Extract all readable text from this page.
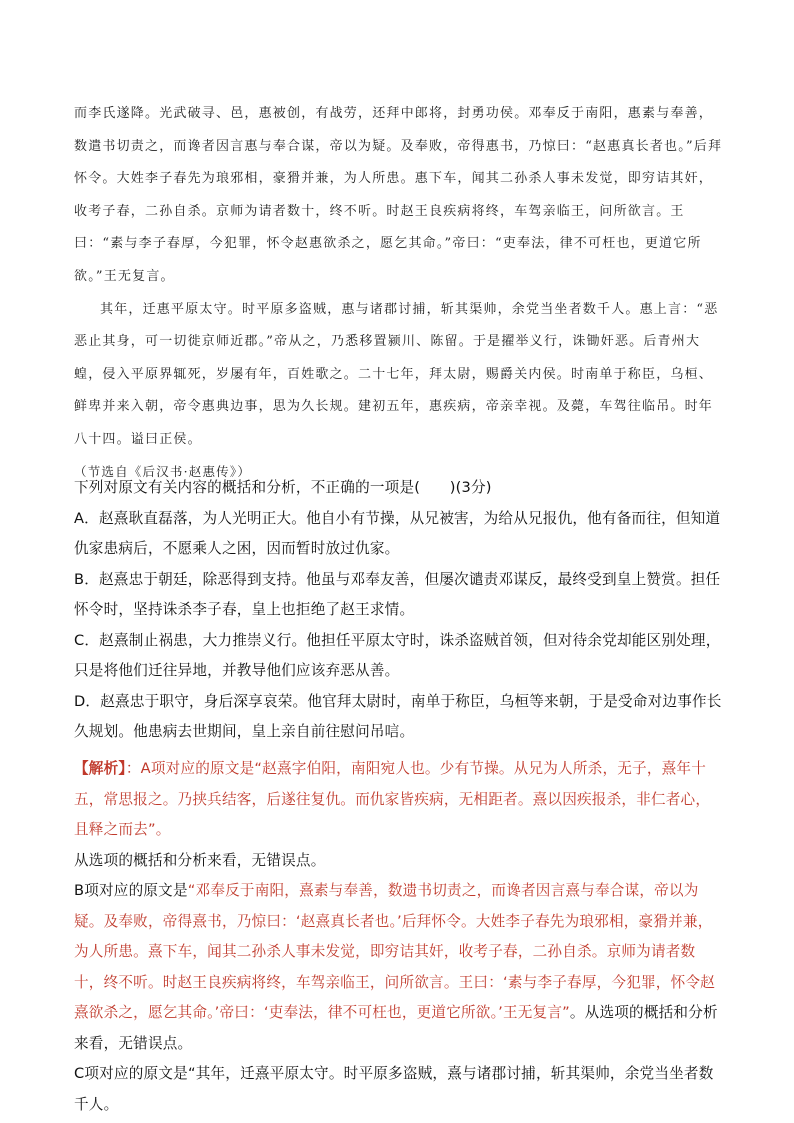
而李氏遂降。光武破寻、邑，惠被创，有战劳，还拜中郎将，封勇功侯。邓奉反于南阳，惠素与奉善，数遣书切责之，而谗者因言惠与奉合谋，帝以为疑。及奉败，帝得惠书，乃惊曰：“赵惠真长者也。”后拜怀令。大姓李子春先为琅邪相，豪猾并兼，为人所患。惠下车，闻其二孙杀人事未发觉，即穷诘其奸，收考子春，二孙自杀。京师为请者数十，终不听。时赵王良疾病将终，车驾亲临王，问所欲言。王曰：“素与李子春厚，今犯罪，怀令赵惠欲杀之，愿乞其命。”帝曰：“吏奉法，律不可枉也，更道它所欲。”王无复言。

其年，迁惠平原太守。时平原多盗贼，惠与诸郡讨捕，斩其渠帅，余党当坐者数千人。惠上言：“恶恶止其身，可一切徙京师近郡。”帝从之，乃悉移置颍川、陈留。于是擢举义行，诛锄奸恶。后青州大蝗，侵入平原界辄死，岁屡有年，百姓歌之。二十七年，拜太尉，赐爵关内侯。时南单于称臣，乌桓、鲜卑并来入朝，帝令惠典边事，思为久长规。建初五年，惠疾病，帝亲幸视。及薨，车驾往临吊。时年八十四。谥曰正侯。

（节选自《后汉书·赵惠传》）

下列对原文有关内容的概括和分析，不正确的一项是(　　)(3分)

A．赵熹耿直磊落，为人光明正大。他自小有节操，从兄被害，为给从兄报仇，他有备而往，但知道仇家患病后，不愿乘人之困，因而暂时放过仇家。

B．赵熹忠于朝廷，除恶得到支持。他虽与邓奉友善，但屡次谴责邓谋反，最终受到皇上赞赏。担任怀令时，坚持诛杀李子春，皇上也拒绝了赵王求情。

C．赵熹制止祸患，大力推崇义行。他担任平原太守时，诛杀盗贼首领，但对待余党却能区别处理，只是将他们迁往异地，并教导他们应该弃恶从善。

D．赵熹忠于职守，身后深享哀荣。他官拜太尉时，南单于称臣，乌桓等来朝，于是受命对边事作长久规划。他患病去世期间，皇上亲自前往慰问吊唁。

【解析】：A项对应的原文是“赵熹字伯阳，南阳宛人也。少有节操。从兄为人所杀，无子，熹年十五，常思报之。乃挟兵结客，后遂往复仇。而仇家皆疾病，无相距者。熹以因疾报杀，非仁者心，且释之而去”。

从选项的概括和分析来看，无错误点。

B项对应的原文是“邓奉反于南阳，熹素与奉善，数遗书切责之，而谗者因言熹与奉合谋，帝以为疑。及奉败，帝得熹书，乃惊曰：‘赵熹真长者也。’后拜怀令。大姓李子春先为琅邪相，豪猾并兼，为人所患。熹下车，闻其二孙杀人事未发觉，即穷诘其奸，收考子春，二孙自杀。京师为请者数十，终不听。时赵王良疾病将终，车驾亲临王，问所欲言。王曰：‘素与李子春厚，今犯罪，怀令赵熹欲杀之，愿乞其命。’帝曰：‘吏奉法，律不可枉也，更道它所欲。’王无复言”。从选项的概括和分析来看，无错误点。

C项对应的原文是“其年，迁熹平原太守。时平原多盗贼，熹与诸郡讨捕，斩其渠帅，余党当坐者数千人。
